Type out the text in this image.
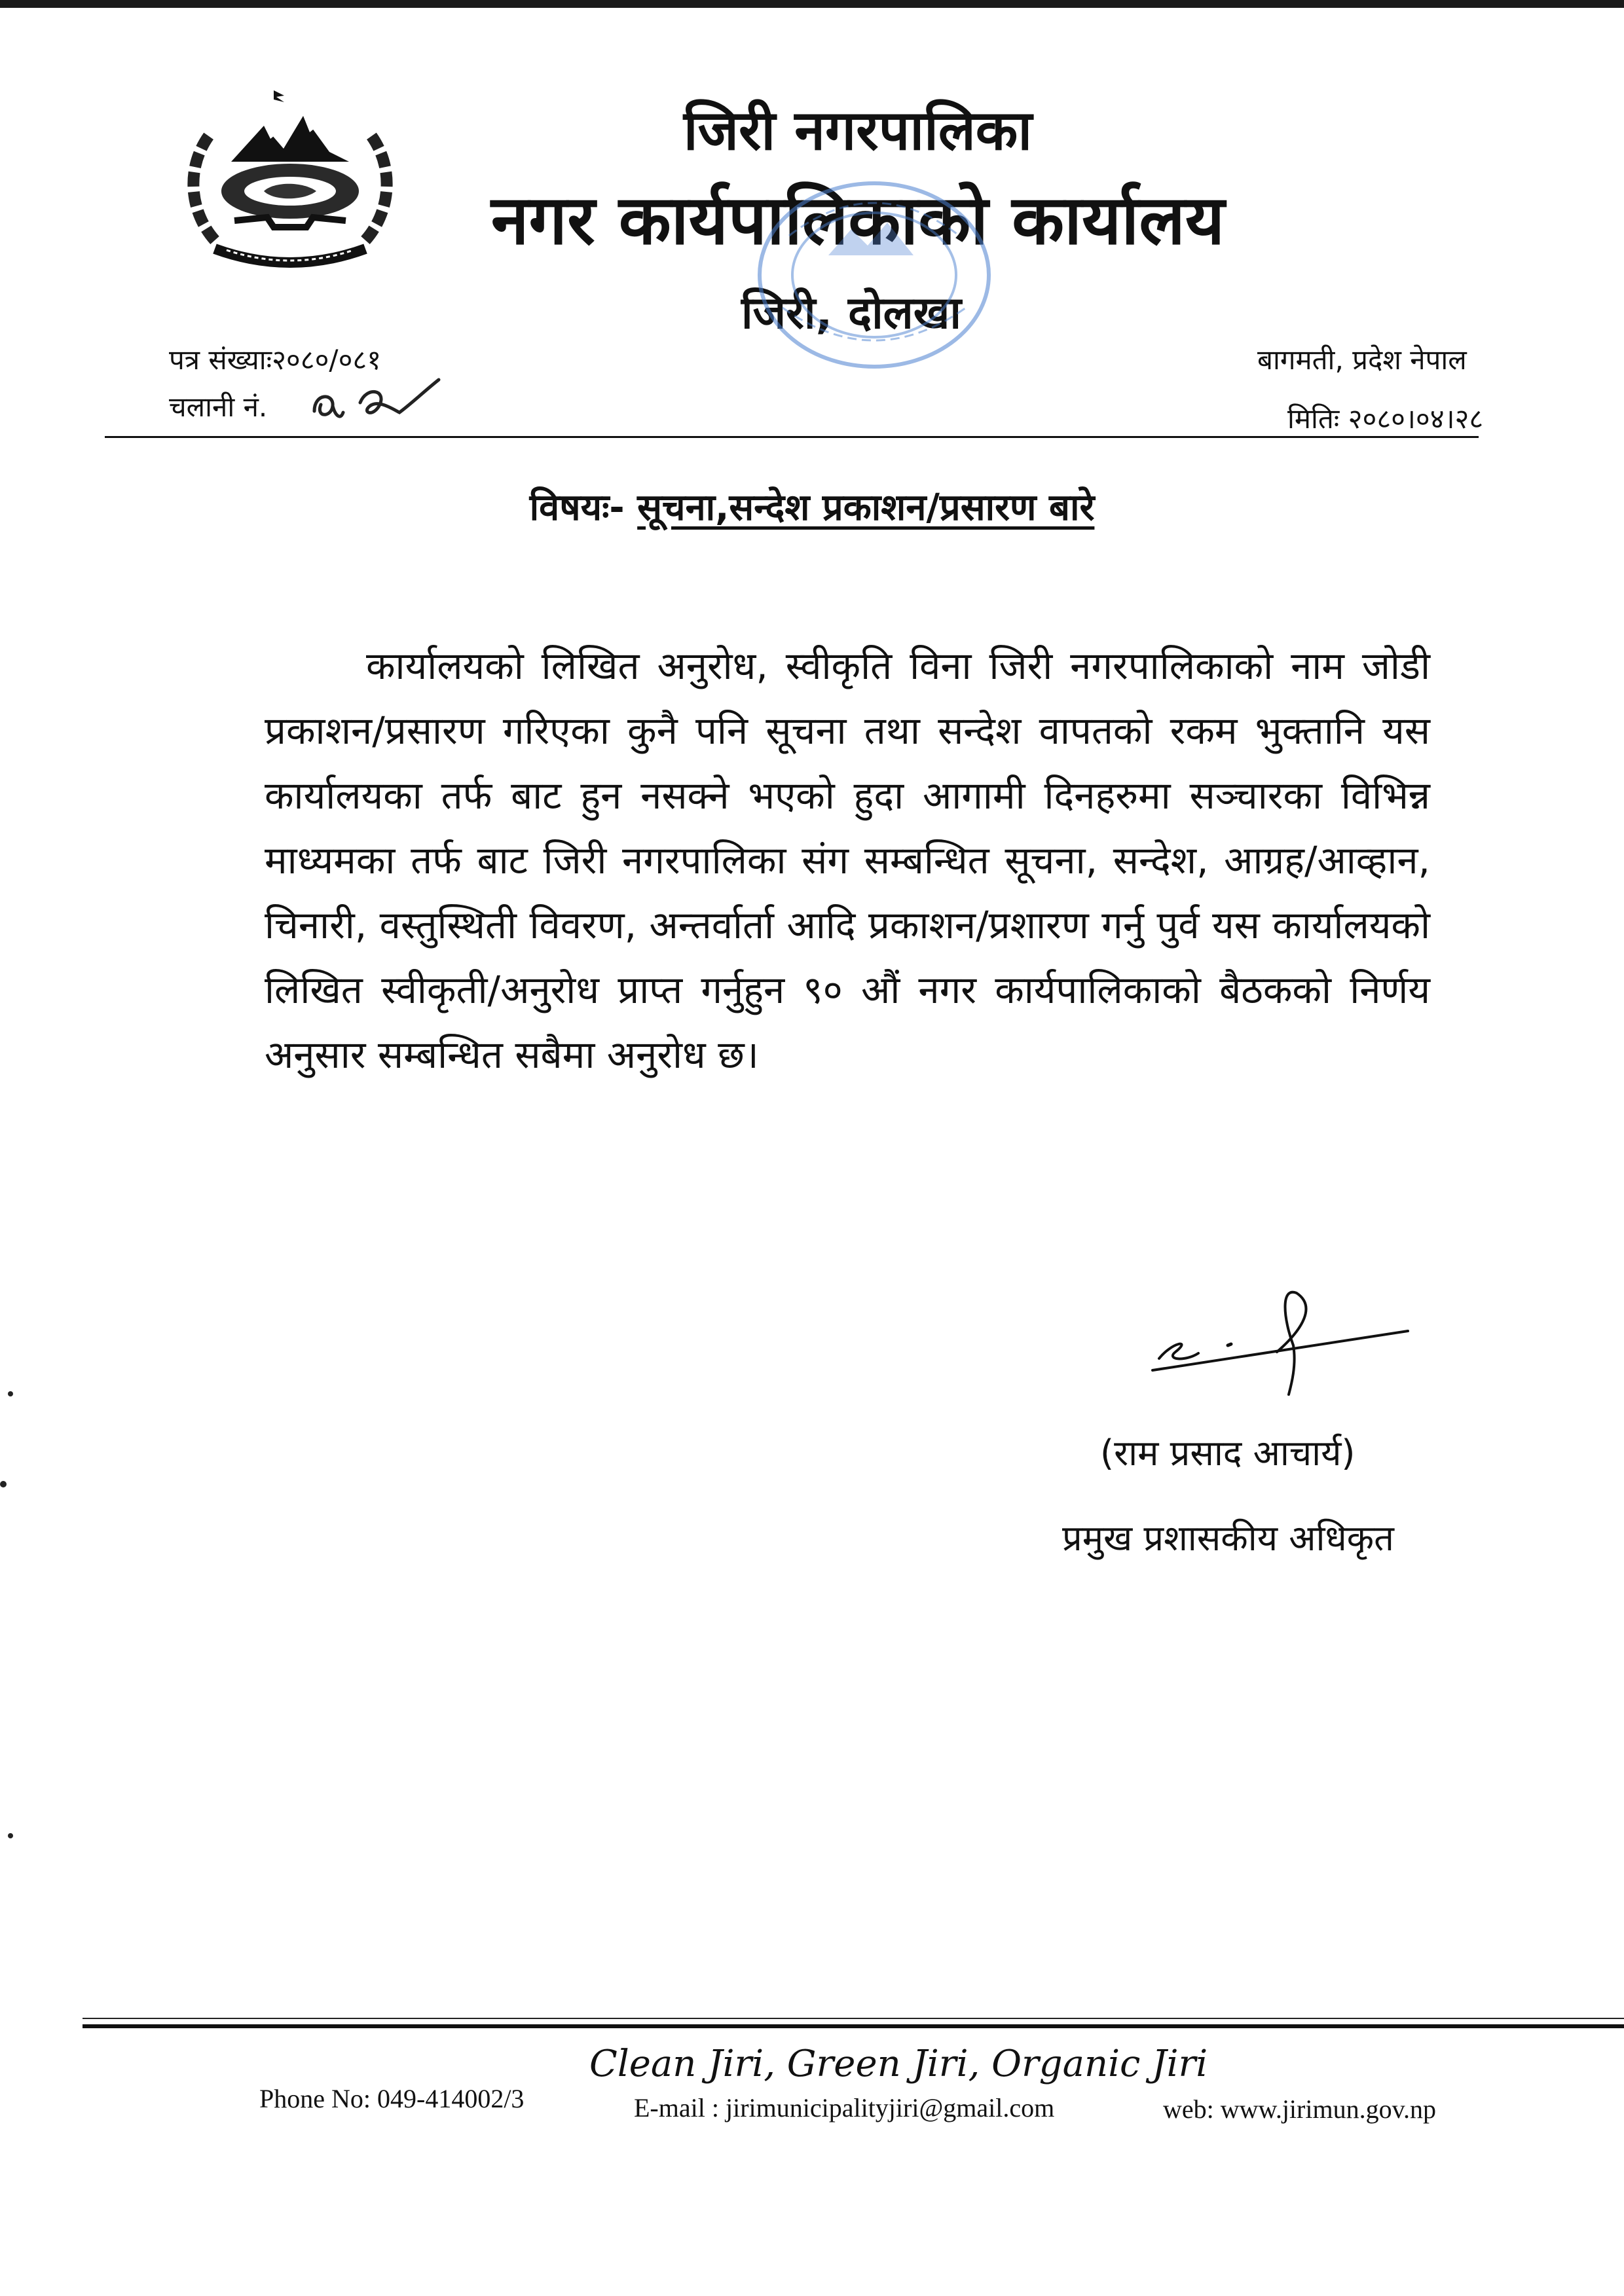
जिरी नगरपालिका
नगर कार्यपालिकाको कार्यालय
जिरी, दोलखा
पत्र संख्याः२०८०/०८१
चलानी नं.
बागमती, प्रदेश नेपाल
मितिः २०८०।०४।२८
विषयः- सूचना,सन्देश प्रकाशन/प्रसारण बारे
कार्यालयको लिखित अनुरोध, स्वीकृति विना जिरी नगरपालिकाको नाम जोडी प्रकाशन/प्रसारण गरिएका कुनै पनि सूचना तथा सन्देश वापतको रकम भुक्तानि यस कार्यालयका तर्फ बाट हुन नसक्ने भएको हुदा आगामी दिनहरुमा सञ्चारका विभिन्न माध्यमका तर्फ बाट जिरी नगरपालिका संग सम्बन्धित सूचना, सन्देश, आग्रह/आव्हान, चिनारी, वस्तुस्थिती विवरण, अन्तर्वार्ता आदि प्रकाशन/प्रशारण गर्नु पुर्व यस कार्यालयको लिखित स्वीकृती/अनुरोध प्राप्त गर्नुहुन ९० औं नगर कार्यपालिकाको बैठकको निर्णय अनुसार सम्बन्धित सबैमा अनुरोध छ।
(राम प्रसाद आचार्य)
प्रमुख प्रशासकीय अधिकृत
Clean Jiri, Green Jiri, Organic Jiri
Phone No: 049-414002/3	E-mail : jirimunicipalityjiri@gmail.com	web: www.jirimun.gov.np
